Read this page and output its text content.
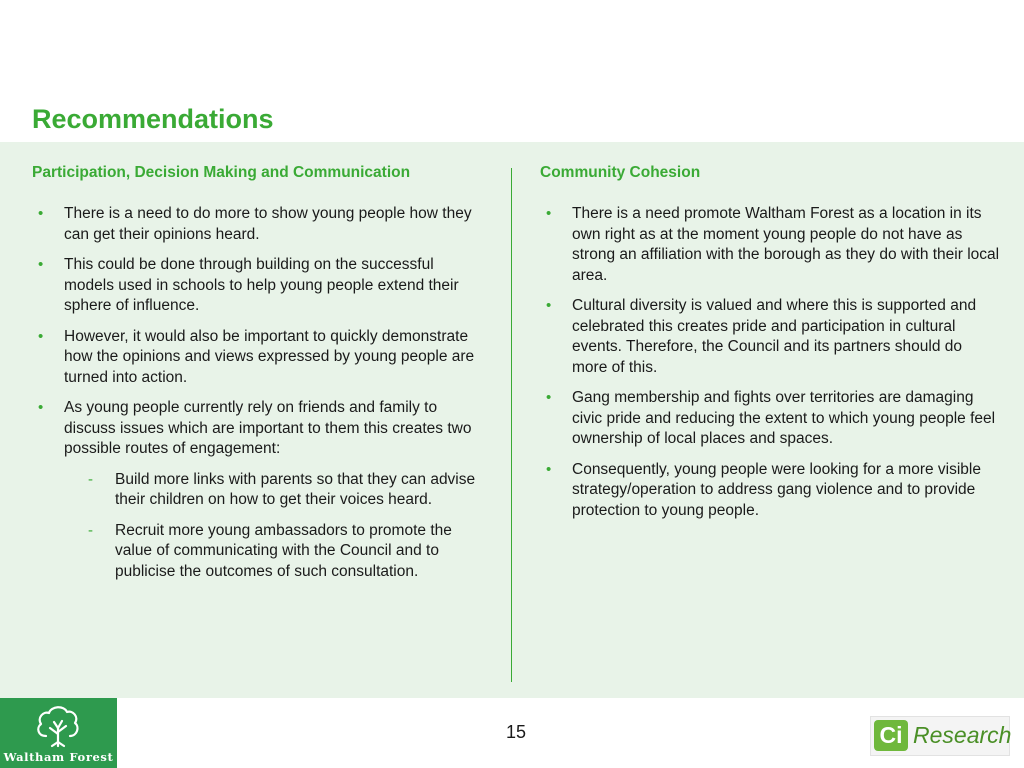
Recommendations
Participation, Decision Making and Communication
• There is a need to do more to show young people how they can get their opinions heard.
• This could be done through building on the successful models used in schools to help young people extend their sphere of influence.
• However, it would also be important to quickly demonstrate how the opinions and views expressed by young people are turned into action.
• As young people currently rely on friends and family to discuss issues which are important to them this creates two possible routes of engagement:
- Build more links with parents so that they can advise their children on how to get their voices heard.
- Recruit more young ambassadors to promote the value of communicating with the Council and to publicise the outcomes of such consultation.
Community Cohesion
• There is a need promote Waltham Forest as a location in its own right as at the moment young people do not have as strong an affiliation with the borough as they do with their local area.
• Cultural diversity is valued and where this is supported and celebrated this creates pride and participation in cultural events. Therefore, the Council and its partners should do more of this.
• Gang membership and fights over territories are damaging civic pride and reducing the extent to which young people feel ownership of local places and spaces.
• Consequently, young people were looking for a more visible strategy/operation to address gang violence and to provide protection to young people.
Waltham Forest
15	Ci Research
